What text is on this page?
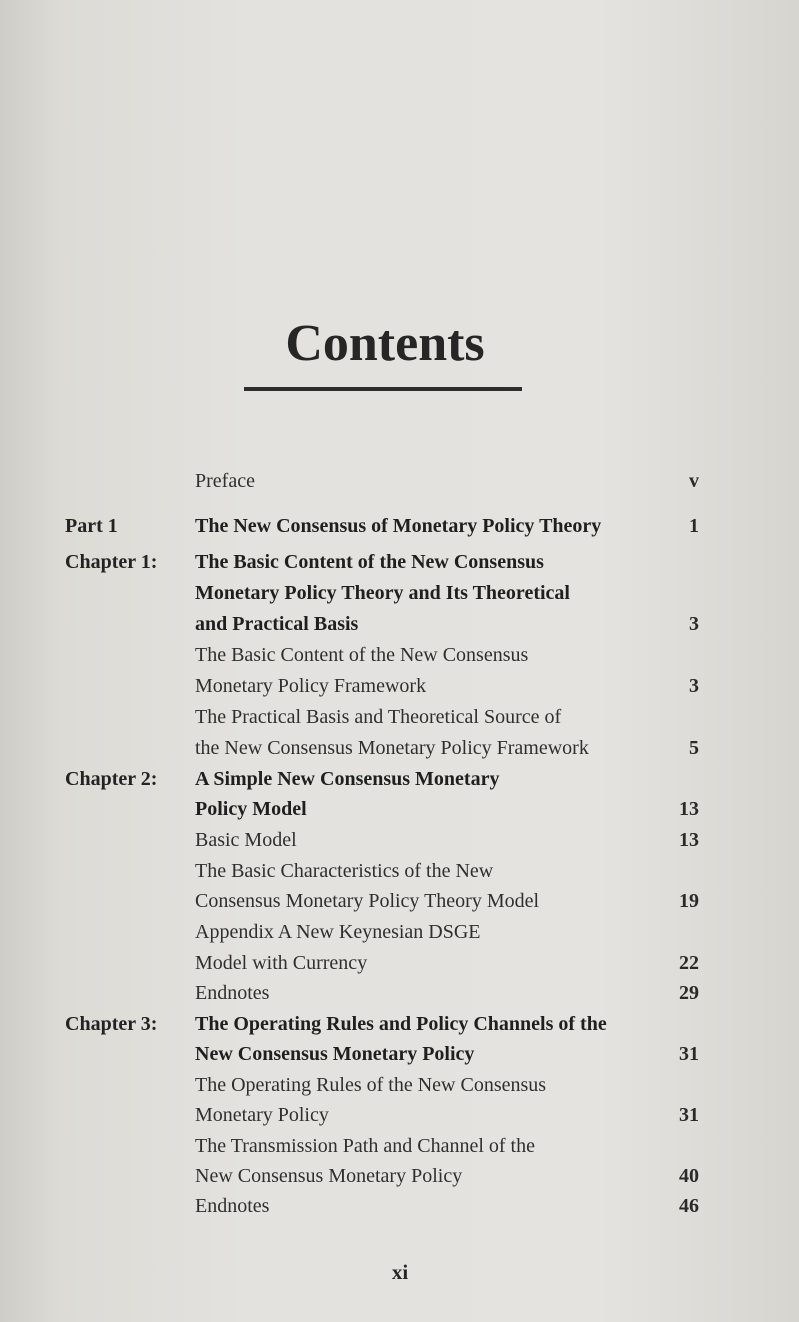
Contents
Preface	v
Part 1	The New Consensus of Monetary Policy Theory	1
Chapter 1: The Basic Content of the New Consensus
Monetary Policy Theory and Its Theoretical
and Practical Basis	3
The Basic Content of the New Consensus
Monetary Policy Framework	3
The Practical Basis and Theoretical Source of
the New Consensus Monetary Policy Framework	5
Chapter 2: A Simple New Consensus Monetary
Policy Model	13
Basic Model	13
The Basic Characteristics of the New
Consensus Monetary Policy Theory Model	19
Appendix A New Keynesian DSGE
Model with Currency	22
Endnotes	29
Chapter 3: The Operating Rules and Policy Channels of the
New Consensus Monetary Policy	31
The Operating Rules of the New Consensus
Monetary Policy	31
The Transmission Path and Channel of the
New Consensus Monetary Policy	40
Endnotes	46
xi
